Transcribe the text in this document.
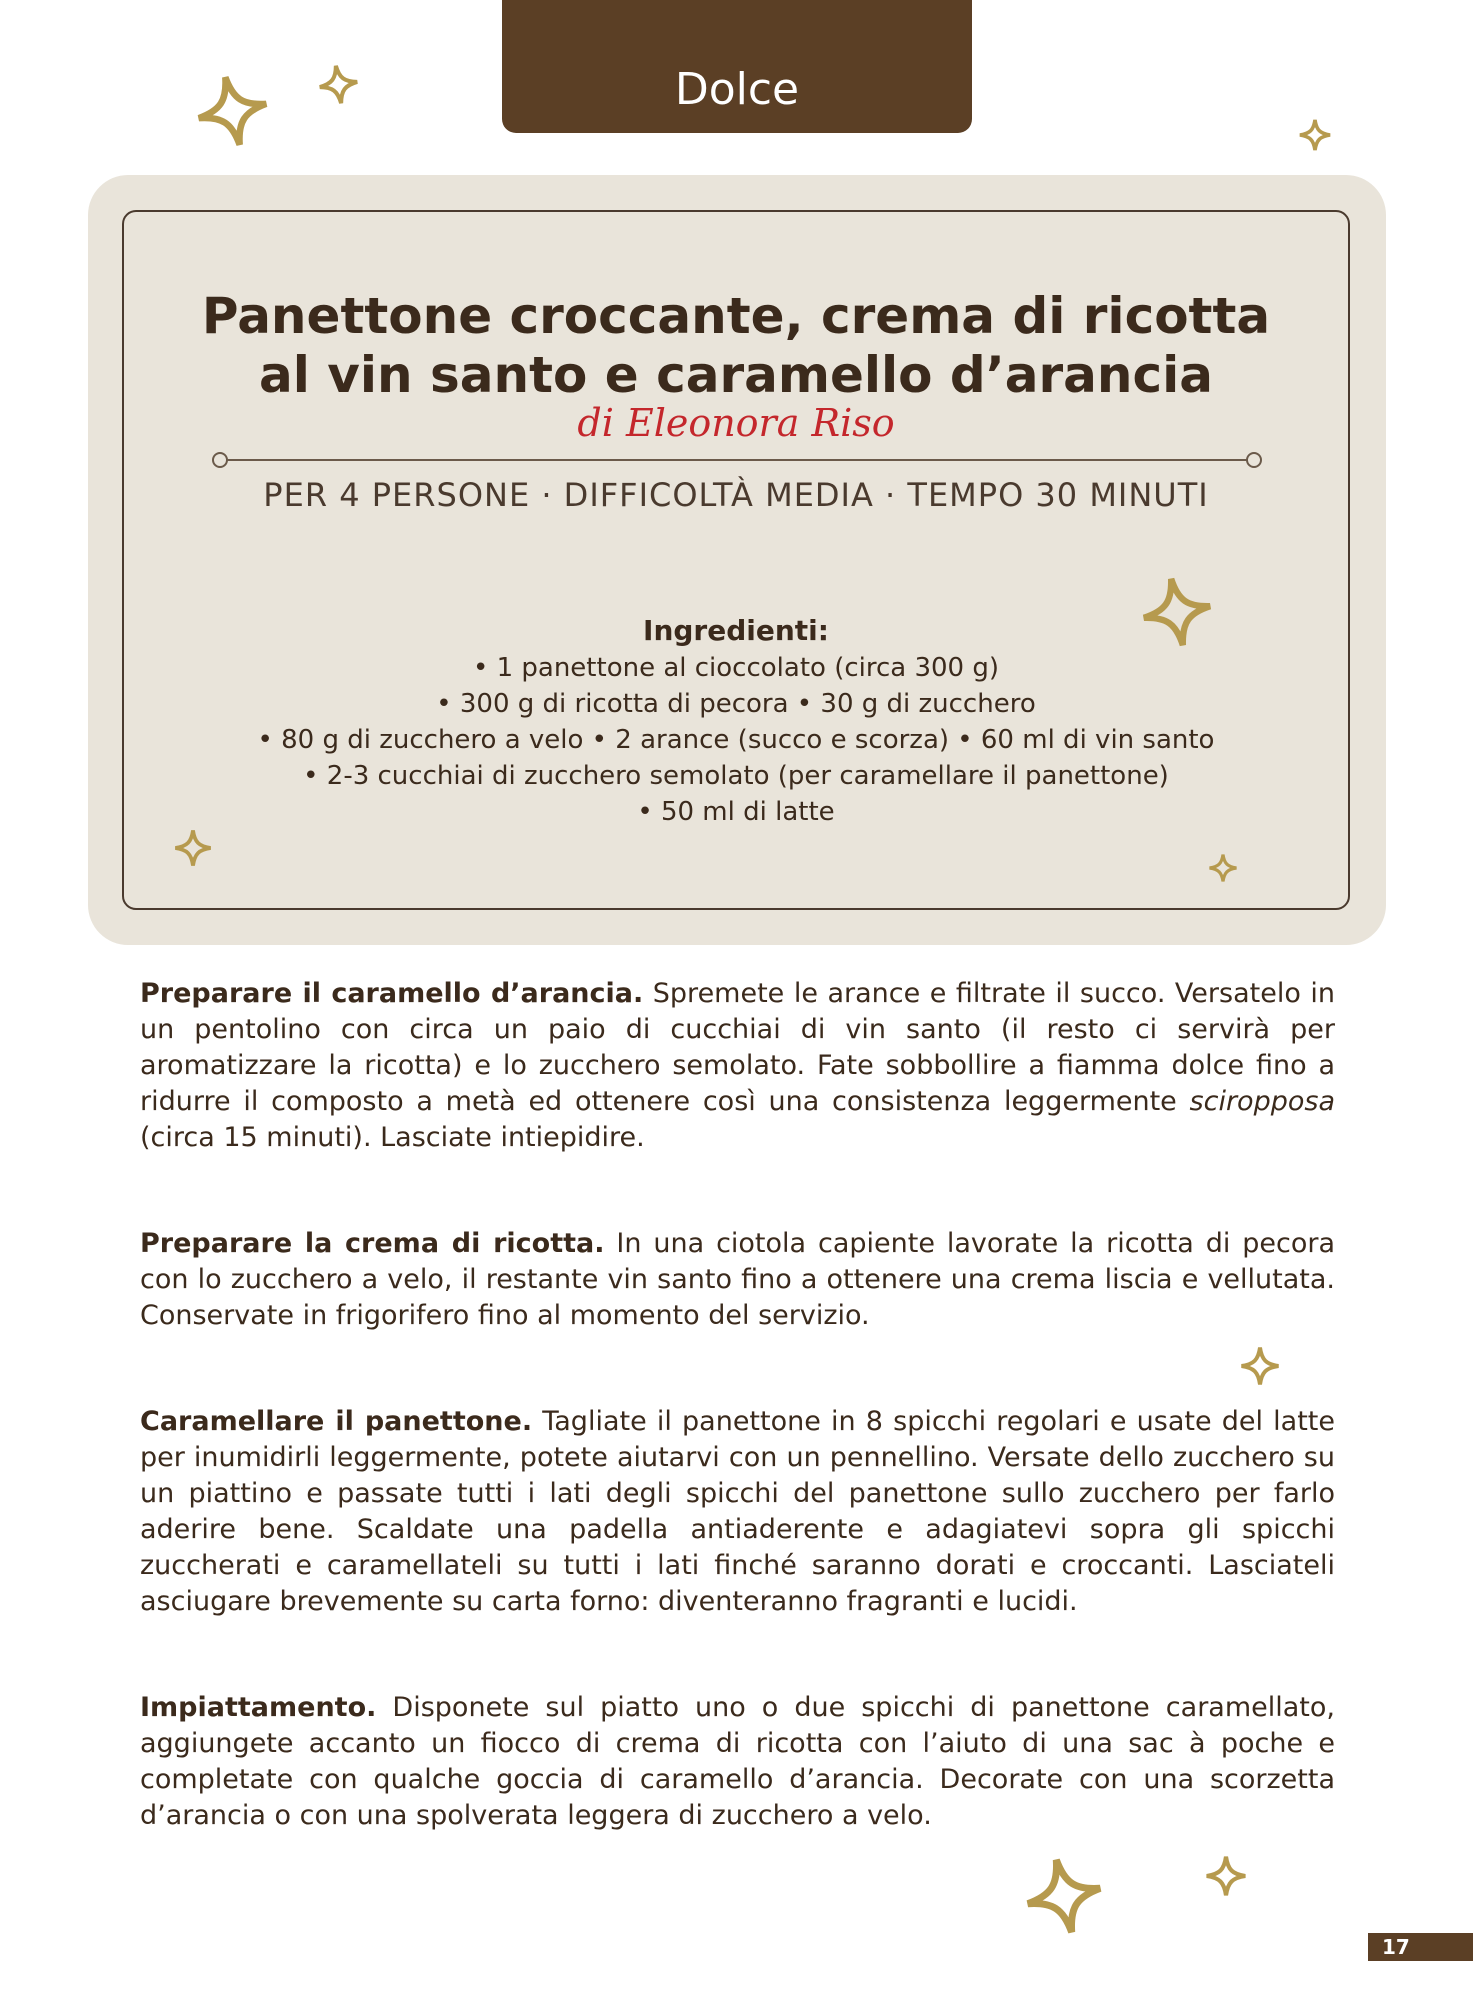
Dolce
Panettone croccante, crema di ricotta
al vin santo e caramello d’arancia
di Eleonora Riso
PER 4 PERSONE · DIFFICOLTÀ MEDIA · TEMPO 30 MINUTI
Ingredienti:
• 1 panettone al cioccolato (circa 300 g)
• 300 g di ricotta di pecora • 30 g di zucchero
• 80 g di zucchero a velo • 2 arance (succo e scorza) • 60 ml di vin santo
• 2-3 cucchiai di zucchero semolato (per caramellare il panettone)
• 50 ml di latte

Preparare il caramello d’arancia. Spremete le arance e filtrate il succo. Versatelo in un pentolino con circa un paio di cucchiai di vin santo (il resto ci servirà per aromatizzare la ricotta) e lo zucchero semolato. Fate sobbollire a fiamma dolce fino a ridurre il composto a metà ed ottenere così una consistenza leggermente sciropposa (circa 15 minuti). Lasciate intiepidire.

Preparare la crema di ricotta. In una ciotola capiente lavorate la ricotta di pecora con lo zucchero a velo, il restante vin santo fino a ottenere una crema liscia e vellutata. Conservate in frigorifero fino al momento del servizio.

Caramellare il panettone. Tagliate il panettone in 8 spicchi regolari e usate del latte per inumidirli leggermente, potete aiutarvi con un pennellino. Versate dello zucchero su un piattino e passate tutti i lati degli spicchi del panettone sullo zucchero per farlo aderire bene. Scaldate una padella antiaderente e adagiatevi sopra gli spicchi zuccherati e caramellateli su tutti i lati finché saranno dorati e croccanti. Lasciateli asciugare brevemente su carta forno: diventeranno fragranti e lucidi.

Impiattamento. Disponete sul piatto uno o due spicchi di panettone caramellato, aggiungete accanto un fiocco di crema di ricotta con l’aiuto di una sac à poche e completate con qualche goccia di caramello d’arancia. Decorate con una scorzetta d’arancia o con una spolverata leggera di zucchero a velo.

17
